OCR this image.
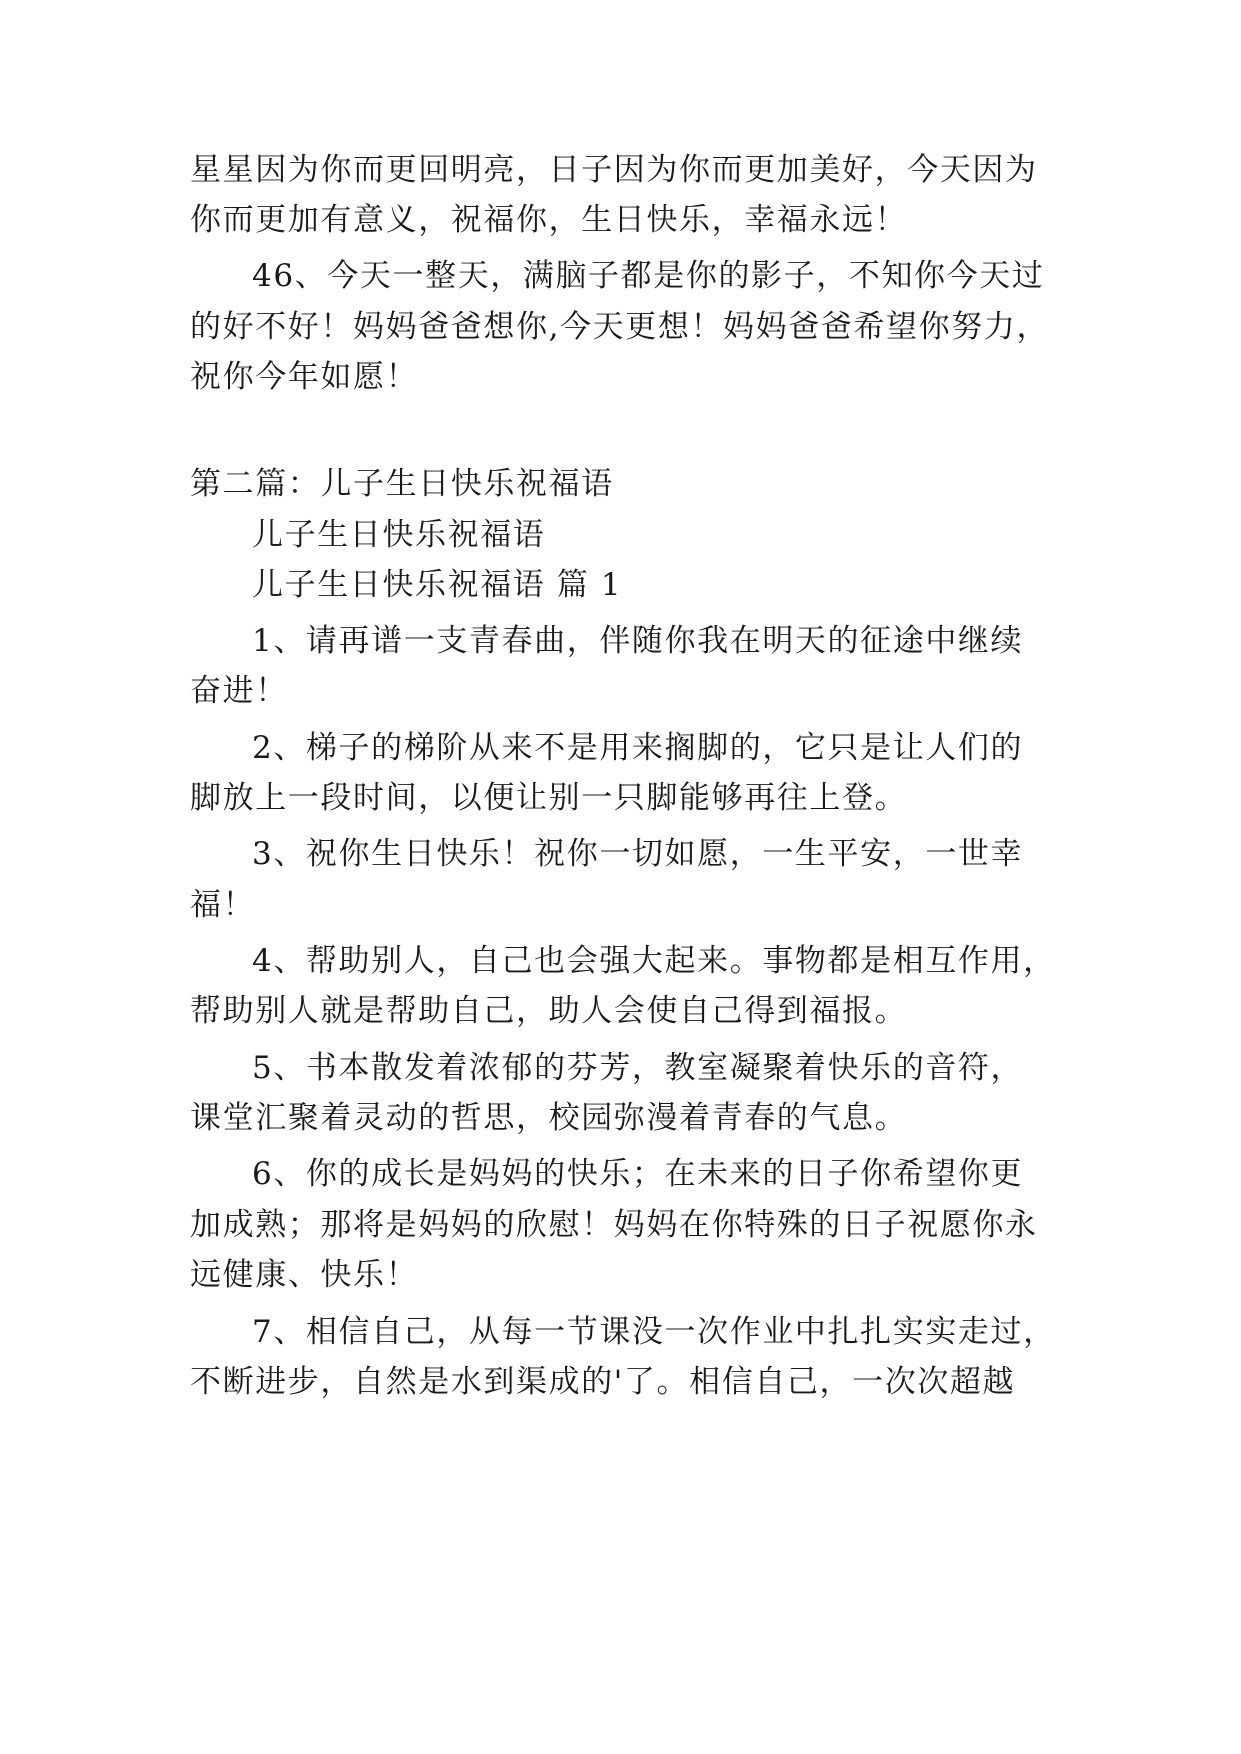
星星因为你而更回明亮，日子因为你而更加美好，今天因为
你而更加有意义，祝福你，生日快乐，幸福永远！
46、今天一整天，满脑子都是你的影子，不知你今天过
的好不好！妈妈爸爸想你,今天更想！妈妈爸爸希望你努力，
祝你今年如愿！
第二篇：儿子生日快乐祝福语
儿子生日快乐祝福语
儿子生日快乐祝福语 篇 1
1、请再谱一支青春曲，伴随你我在明天的征途中继续
奋进！
2、梯子的梯阶从来不是用来搁脚的，它只是让人们的
脚放上一段时间，以便让别一只脚能够再往上登。
3、祝你生日快乐！祝你一切如愿，一生平安，一世幸
福！
4、帮助别人，自己也会强大起来。事物都是相互作用，
帮助别人就是帮助自己，助人会使自己得到福报。
5、书本散发着浓郁的芬芳，教室凝聚着快乐的音符，
课堂汇聚着灵动的哲思，校园弥漫着青春的气息。
6、你的成长是妈妈的快乐；在未来的日子你希望你更
加成熟；那将是妈妈的欣慰！妈妈在你特殊的日子祝愿你永
远健康、快乐！
7、相信自己，从每一节课没一次作业中扎扎实实走过，
不断进步，自然是水到渠成的'了。相信自己，一次次超越
